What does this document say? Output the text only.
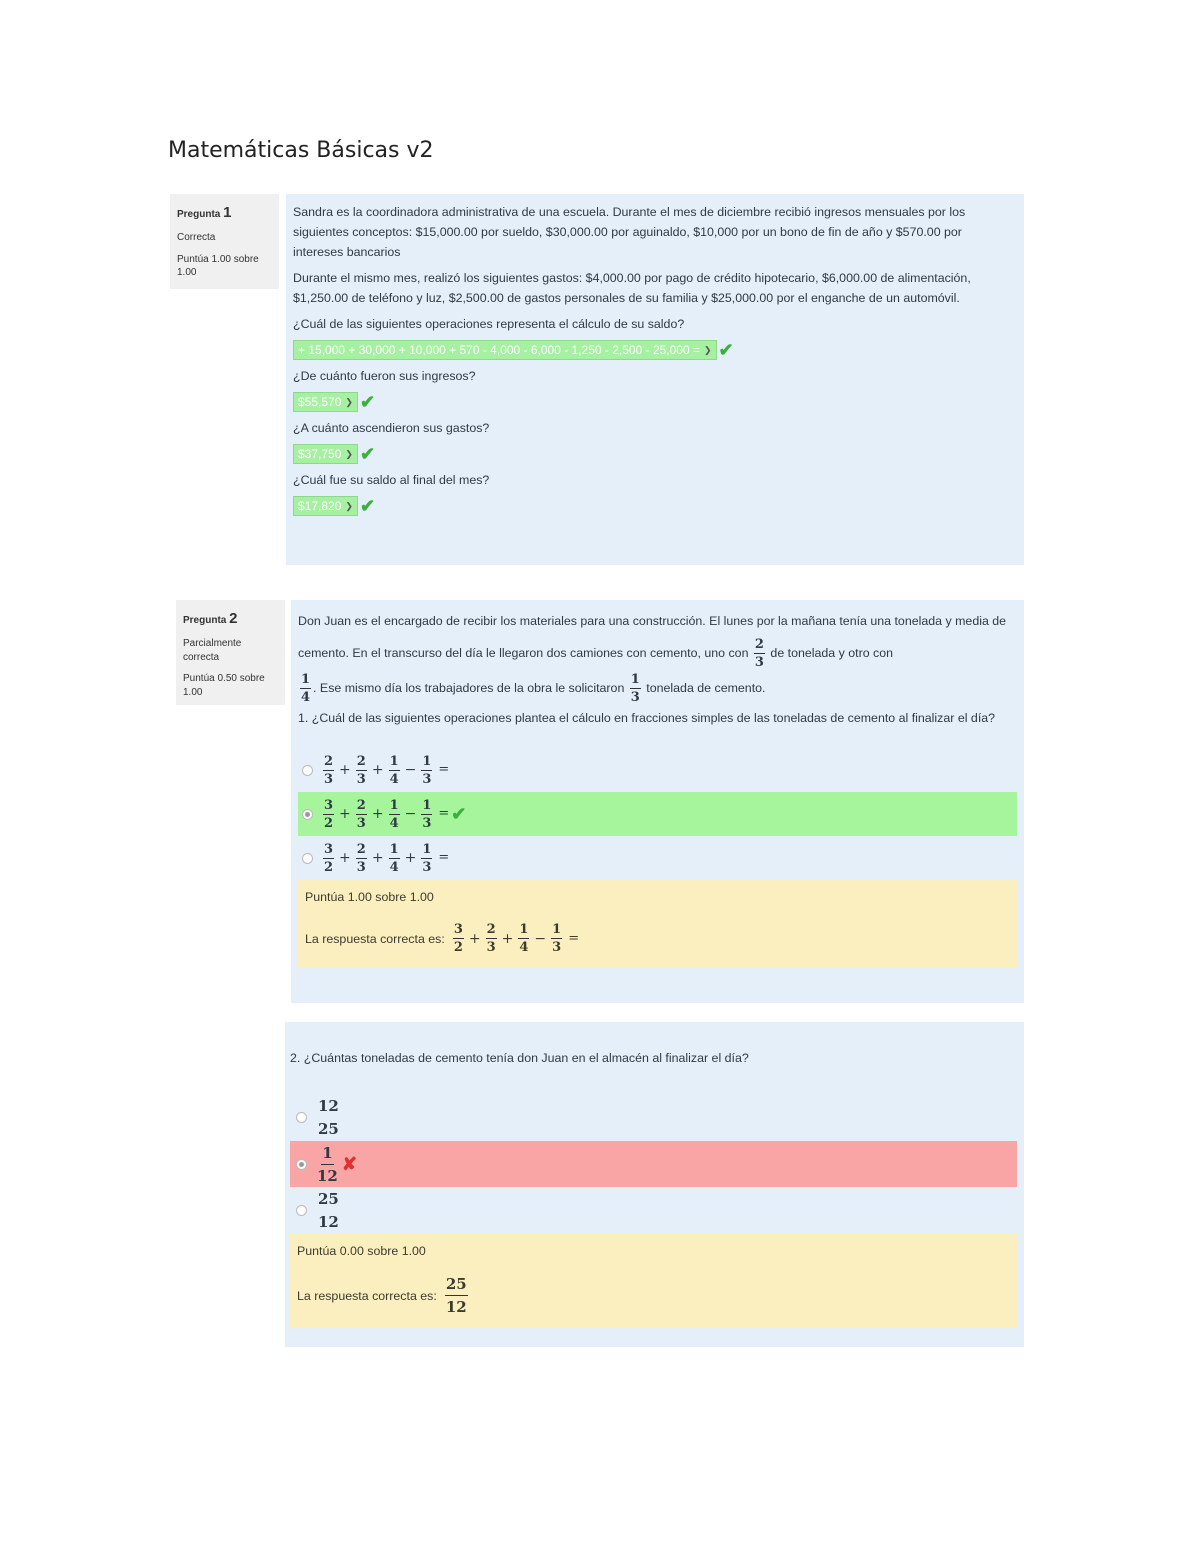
Matemáticas Básicas v2
Pregunta 1
Correcta
Puntúa 1.00 sobre 1.00

Sandra es la coordinadora administrativa de una escuela. Durante el mes de diciembre recibió ingresos mensuales por los siguientes conceptos: $15,000.00 por sueldo, $30,000.00 por aguinaldo, $10,000 por un bono de fin de año y $570.00 por intereses bancarios

Durante el mismo mes, realizó los siguientes gastos: $4,000.00 por pago de crédito hipotecario, $6,000.00 de alimentación, $1,250.00 de teléfono y luz, $2,500.00 de gastos personales de su familia y $25,000.00 por el enganche de un automóvil.

¿Cuál de las siguientes operaciones representa el cálculo de su saldo?

+ 15,000 + 30,000 + 10,000 + 570 - 4,000 - 6,000 - 1,250 - 2,500 - 25,000 = ❯ ✔

¿De cuánto fueron sus ingresos?

$55,570 ❯ ✔

¿A cuánto ascendieron sus gastos?

$37,750 ❯ ✔

¿Cuál fue su saldo al final del mes?

$17,820 ❯ ✔
Pregunta 2
Parcialmente correcta
Puntúa 0.50 sobre 1.00
Don Juan es el encargado de recibir los materiales para una construcción. El lunes por la mañana tenía una tonelada y media de cemento. En el transcurso del día le llegaron dos camiones con cemento, uno con $\frac{2}{3}$ de tonelada y otro con

$\frac{1}{4}$ . Ese mismo día los trabajadores de la obra le solicitaron $\frac{1}{3}$ tonelada de cemento.

1. ¿Cuál de las siguientes operaciones plantea el cálculo en fracciones simples de las toneladas de cemento al finalizar el día?

$\frac{2}{3} + \frac{2}{3} + \frac{1}{4} - \frac{1}{3}$ =
$\frac{3}{2} + \frac{2}{3} + \frac{1}{4} - \frac{1}{3}$ = ✔
$\frac{3}{2} + \frac{2}{3} + \frac{1}{4} + \frac{1}{3}$ =
Puntúa 1.00 sobre 1.00
La respuesta correcta es: $\frac{3}{2} + \frac{2}{3} + \frac{1}{4} - \frac{1}{3}$ =

2. ¿Cuántas toneladas de cemento tenía don Juan en el almacén al finalizar el día?

12
25
$\frac{1}{12}$ ✘
25
12
Puntúa 0.00 sobre 1.00
La respuesta correcta es: $\frac{25}{12}$
